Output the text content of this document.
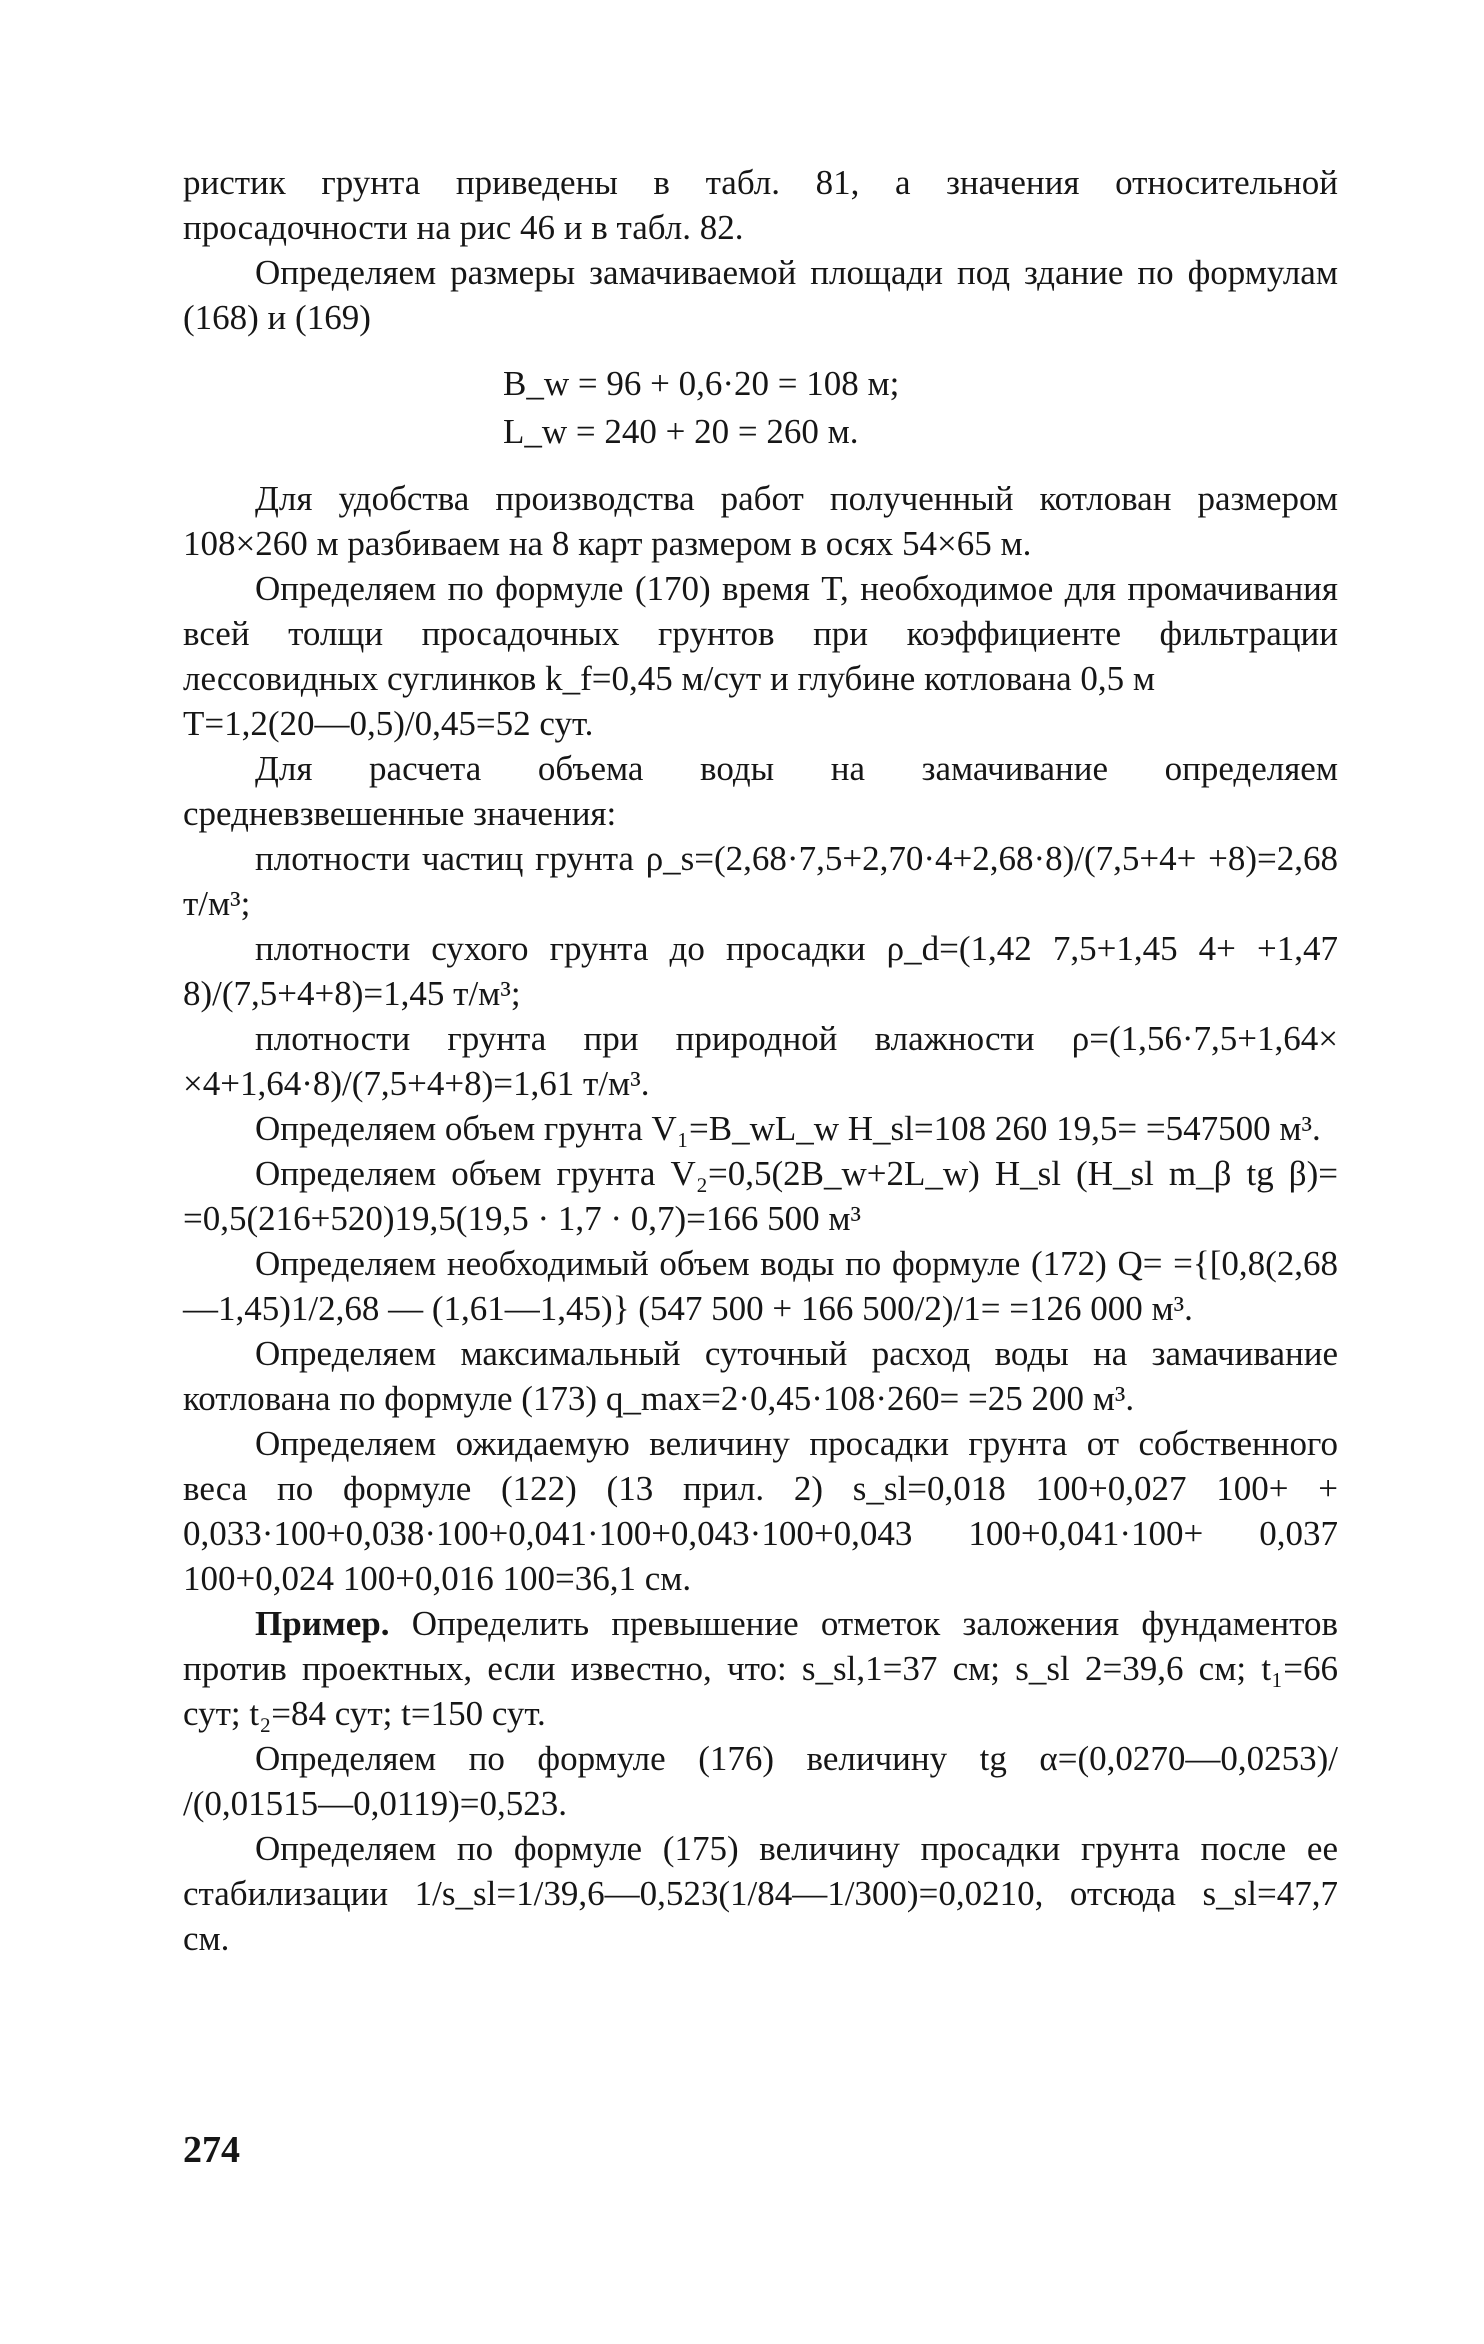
ристик грунта приведены в табл. 81, а значения относительной просадочности на рис 46 и в табл. 82.

Определяем размеры замачиваемой площади под здание по формулам (168) и (169)

B_w = 96 + 0,6·20 = 108 м;
L_w = 240 + 20 = 260 м.

Для удобства производства работ полученный котлован размером 108×260 м разбиваем на 8 карт размером в осях 54×65 м.

Определяем по формуле (170) время T, необходимое для промачивания всей толщи просадочных грунтов при коэффициенте фильтрации лессовидных суглинков k_f=0,45 м/сут и глубине котлована 0,5 м

T=1,2(20—0,5)/0,45=52 сут.

Для расчета объема воды на замачивание определяем средневзвешенные значения:

плотности частиц грунта ρ_s=(2,68·7,5+2,70·4+2,68·8)/(7,5+4+ +8)=2,68 т/м³;

плотности сухого грунта до просадки ρ_d=(1,42 7,5+1,45 4+ +1,47 8)/(7,5+4+8)=1,45 т/м³;

плотности грунта при природной влажности ρ=(1,56·7,5+1,64× ×4+1,64·8)/(7,5+4+8)=1,61 т/м³.

Определяем объем грунта V₁=B_wL_w H_sl=108 260 19,5= =547500 м³.

Определяем объем грунта V₂=0,5(2B_w+2L_w) H_sl (H_sl m_β tg β)= =0,5(216+520)19,5(19,5 · 1,7 · 0,7)=166 500 м³

Определяем необходимый объем воды по формуле (172) Q= ={[0,8(2,68—1,45)1/2,68 — (1,61—1,45)} (547 500 + 166 500/2)/1= =126 000 м³.

Определяем максимальный суточный расход воды на замачивание котлована по формуле (173) q_max=2·0,45·108·260= =25 200 м³.

Определяем ожидаемую величину просадки грунта от собственного веса по формуле (122) (13 прил. 2) s_sl=0,018 100+0,027 100+ + 0,033·100+0,038·100+0,041·100+0,043·100+0,043 100+0,041·100+ 0,037 100+0,024 100+0,016 100=36,1 см.

Пример. Определить превышение отметок заложения фундаментов против проектных, если известно, что: s_sl,1=37 см; s_sl 2=39,6 см; t₁=66 сут; t₂=84 сут; t=150 сут.

Определяем по формуле (176) величину tg α=(0,0270—0,0253)/ /(0,01515—0,0119)=0,523.

Определяем по формуле (175) величину просадки грунта после ее стабилизации 1/s_sl=1/39,6—0,523(1/84—1/300)=0,0210, отсюда s_sl=47,7 см.

274
